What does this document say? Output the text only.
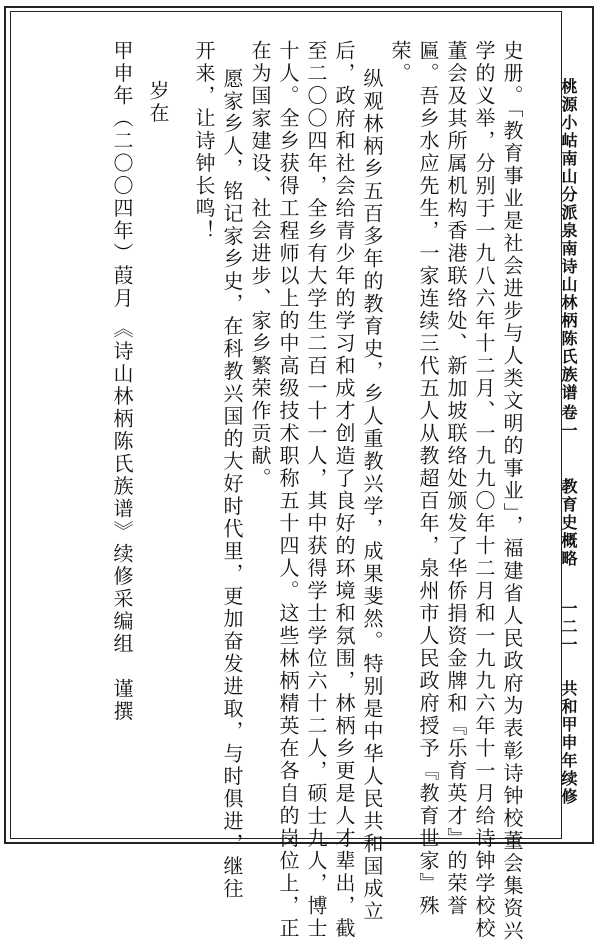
桃源小岵南山分派泉南诗山林柄陈氏族谱
卷一
教育史概略
一二一
共和甲申年续修
史册。「教育事业是社会进步与人类文明的事业」，福建省人民政府为表彰诗钟校董会集资兴
学的义举，分别于一九八六年十二月、一九九〇年十二月和一九九六年十一月给诗钟学校校
董会及其所属机构香港联络处、新加坡联络处颁发了华侨捐资金牌和『乐育英才』的荣誉
匾。吾乡水应先生，一家连续三代五人从教超百年，泉州市人民政府授予『教育世家』殊
荣。
纵观林柄乡五百多年的教育史，乡人重教兴学，成果斐然。特别是中华人民共和国成立
后，政府和社会给青少年的学习和成才创造了良好的环境和氛围，林柄乡更是人才辈出，截
至二〇〇四年，全乡有大学生二百一十一人，其中获得学士学位六十二人，硕士九人，博士
十人。全乡获得工程师以上的中高级技术职称五十四人。这些林柄精英在各自的岗位上，正
在为国家建设、社会进步、家乡繁荣作贡献。
愿家乡人，铭记家乡史，在科教兴国的大好时代里，更加奋发进取，与时俱进，继往
开来，让诗钟长鸣！
岁在
甲申年（二〇〇四年）葭月
《诗山林柄陈氏族谱》续修采编组　谨撰
